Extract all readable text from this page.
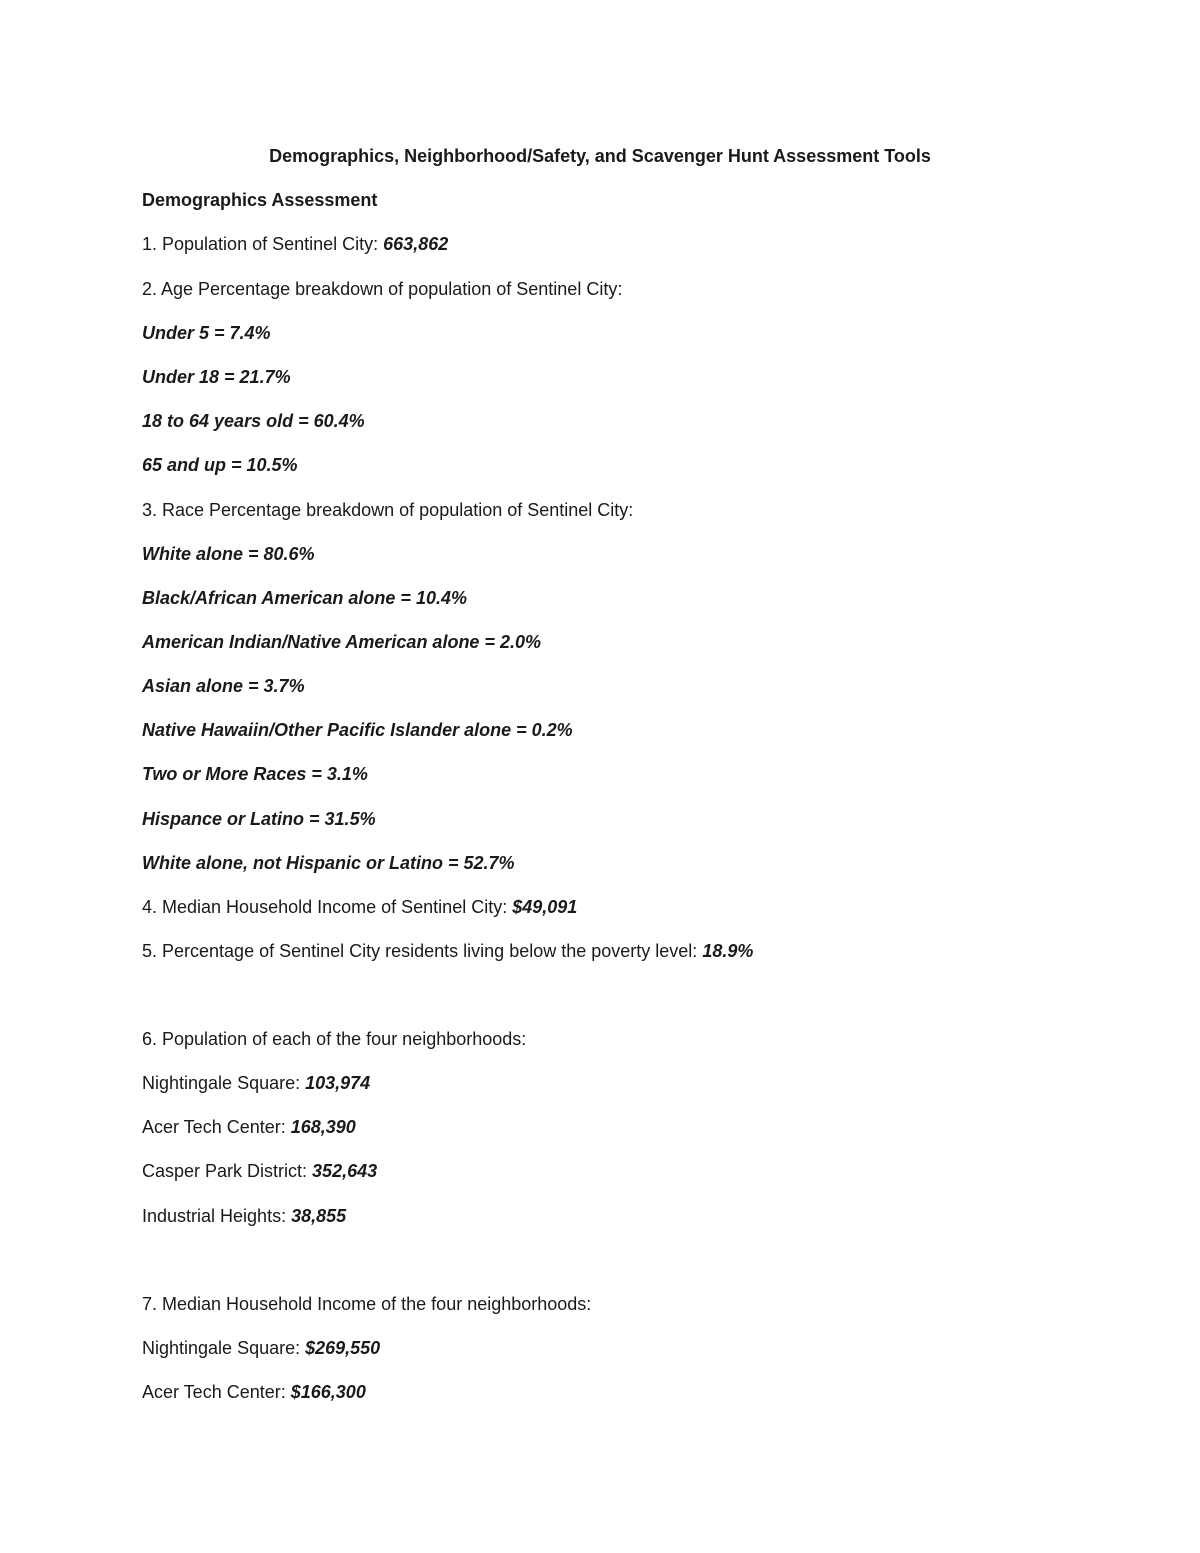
Demographics, Neighborhood/Safety, and Scavenger Hunt Assessment Tools
Demographics Assessment
1. Population of Sentinel City: 663,862
2. Age Percentage breakdown of population of Sentinel City:
Under 5 = 7.4%
Under 18 = 21.7%
18 to 64 years old = 60.4%
65 and up = 10.5%
3. Race Percentage breakdown of population of Sentinel City:
White alone = 80.6%
Black/African American alone = 10.4%
American Indian/Native American alone = 2.0%
Asian alone = 3.7%
Native Hawaiin/Other Pacific Islander alone = 0.2%
Two or More Races = 3.1%
Hispance or Latino = 31.5%
White alone, not Hispanic or Latino = 52.7%
4. Median Household Income of Sentinel City: $49,091
5. Percentage of Sentinel City residents living below the poverty level: 18.9%
6. Population of each of the four neighborhoods:
Nightingale Square: 103,974
Acer Tech Center: 168,390
Casper Park District: 352,643
Industrial Heights: 38,855
7. Median Household Income of the four neighborhoods:
Nightingale Square: $269,550
Acer Tech Center: $166,300
